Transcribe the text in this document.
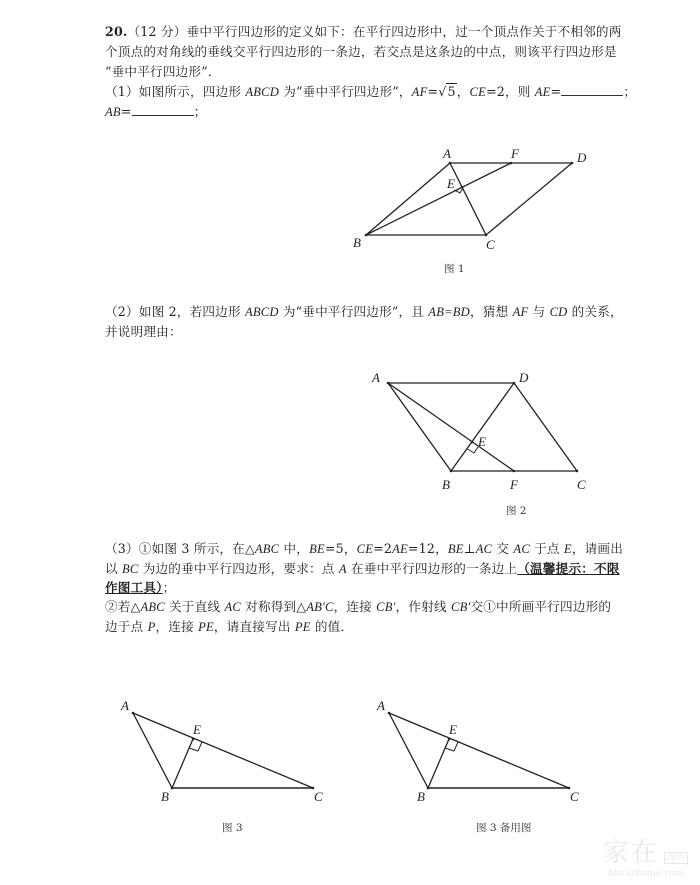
20.（12 分）垂中平行四边形的定义如下：在平行四边形中，过一个顶点作关于不相邻的两
个顶点的对角线的垂线交平行四边形的一条边，若交点是这条边的中点，则该平行四边形是
“垂中平行四边形”．
（1）如图所示，四边形 ABCD 为“垂中平行四边形”，AF=√5，CE=2，则 AE=	；
AB=	；
A	F	D
E
B	C
图 1
（2）如图 2，若四边形 ABCD 为“垂中平行四边形”，且 AB=BD，猜想 AF 与 CD 的关系，
并说明理由：
A	D
E
B	F	C
图 2
（3）①如图 3 所示，在△ABC 中，BE=5，CE=2AE=12，BE⊥AC 交 AC 于点 E，请画出
以 BC 为边的垂中平行四边形，要求：点 A 在垂中平行四边形的一条边上（温馨提示：不限
作图工具）；
②若△ABC 关于直线 AC 对称得到△AB′C，连接 CB′，作射线 CB′交①中所画平行四边形的
边于点 P，连接 PE，请直接写出 PE 的值．
A
E
B	C
图 3
A
E
B	C
图 3 备用图
家在 深圳
bbs.szhome.com
